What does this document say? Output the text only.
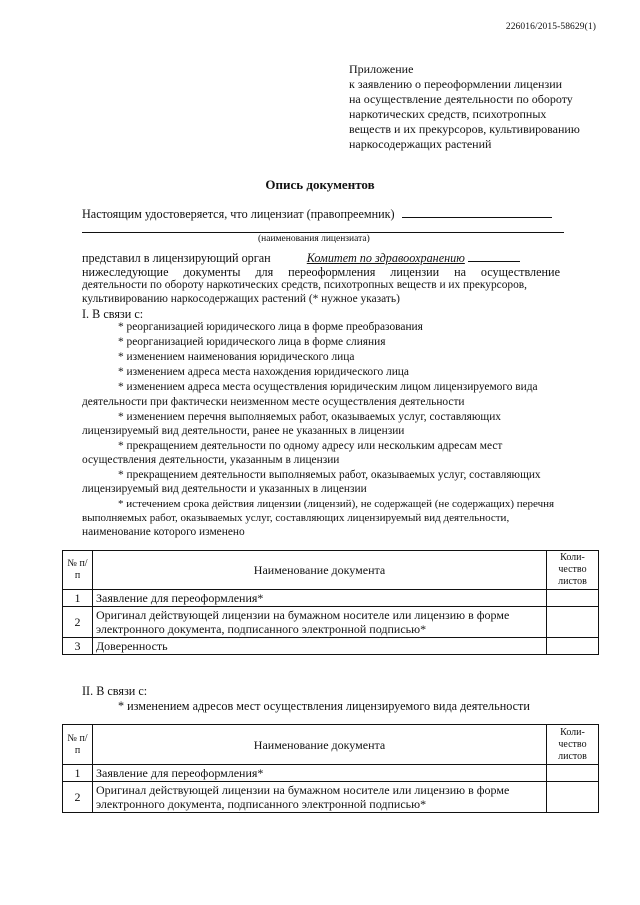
226016/2015-58629(1)
Приложение
к заявлению о переоформлении лицензии
на осуществление деятельности по обороту
наркотических средств, психотропных
веществ и их прекурсоров, культивированию
наркосодержащих растений
Опись документов
Настоящим удостоверяется, что лицензиат (правопреемник)
(наименования лицензиата)
представил в лицензирующий орган	Комитет по здравоохранению
нижеследующие документы для переоформления лицензии на осуществление
деятельности по обороту наркотических средств, психотропных веществ и их прекурсоров,
культивированию наркосодержащих растений (* нужное указать)
I. В связи с:
* реорганизацией юридического лица в форме преобразования
* реорганизацией юридического лица в форме слияния
* изменением наименования юридического лица
* изменением адреса места нахождения юридического лица
* изменением адреса места осуществления юридическим лицом лицензируемого вида
деятельности при фактически неизменном месте осуществления деятельности
* изменением перечня выполняемых работ, оказываемых услуг, составляющих
лицензируемый вид деятельности, ранее не указанных в лицензии
* прекращением деятельности по одному адресу или нескольким адресам мест
осуществления деятельности, указанным в лицензии
* прекращением деятельности выполняемых работ, оказываемых услуг, составляющих
лицензируемый вид деятельности и указанных в лицензии
* истечением срока действия лицензии (лицензий), не содержащей (не содержащих) перечня
выполняемых работ, оказываемых услуг, составляющих лицензируемый вид деятельности,
наименование которого изменено
№ п/п	Наименование документа	Коли- чество листов
1	Заявление для переоформления*	
2	Оригинал действующей лицензии на бумажном носителе или лицензию в форме электронного документа, подписанного электронной подписью*	
3	Доверенность	
II. В связи с:
* изменением адресов мест осуществления лицензируемого вида деятельности
№ п/п	Наименование документа	Коли- чество листов
1	Заявление для переоформления*	
2	Оригинал действующей лицензии на бумажном носителе или лицензию в форме электронного документа, подписанного электронной подписью*	
